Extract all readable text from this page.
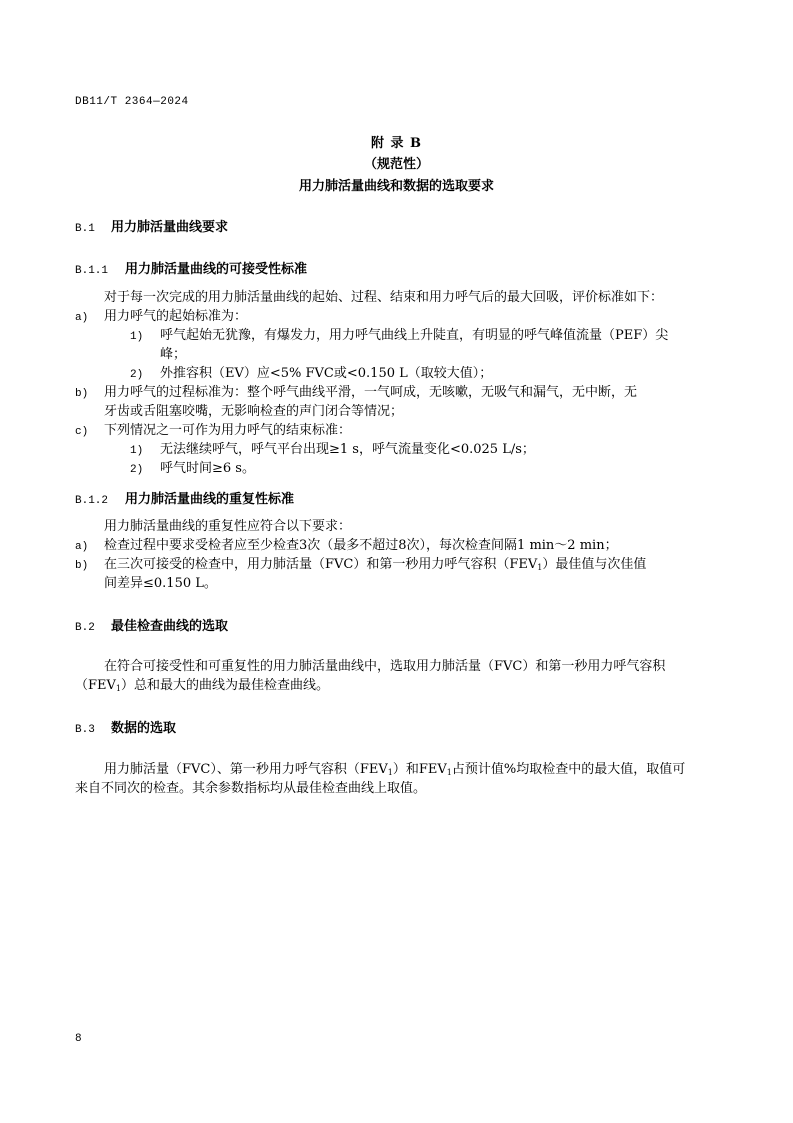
DB11/T 2364—2024
附 录 B
（规范性）
用力肺活量曲线和数据的选取要求
B.1 用力肺活量曲线要求
B.1.1 用力肺活量曲线的可接受性标准
对于每一次完成的用力肺活量曲线的起始、过程、结束和用力呼气后的最大回吸，评价标准如下：
a) 用力呼气的起始标准为：
1) 呼气起始无犹豫，有爆发力，用力呼气曲线上升陡直，有明显的呼气峰值流量（PEF）尖
峰；
2) 外推容积（EV）应<5% FVC或<0.150 L（取较大值）；
b) 用力呼气的过程标准为：整个呼气曲线平滑，一气呵成，无咳嗽，无吸气和漏气，无中断，无
牙齿或舌阻塞咬嘴，无影响检查的声门闭合等情况；
c) 下列情况之一可作为用力呼气的结束标准：
1) 无法继续呼气，呼气平台出现≥1 s，呼气流量变化<0.025 L/s；
2) 呼气时间≥6 s。
B.1.2 用力肺活量曲线的重复性标准
用力肺活量曲线的重复性应符合以下要求：
a) 检查过程中要求受检者应至少检查3次（最多不超过8次），每次检查间隔1 min～2 min；
b) 在三次可接受的检查中，用力肺活量（FVC）和第一秒用力呼气容积$(FEV_1)$最佳值与次佳值
间差异≤0.150 L。
B.2 最佳检查曲线的选取
在符合可接受性和可重复性的用力肺活量曲线中，选取用力肺活量（FVC）和第一秒用力呼气容积
$(FEV_1)$总和最大的曲线为最佳检查曲线。
B.3 数据的选取
用力肺活量（FVC）、第一秒用力呼气容积$(FEV_1)$和$FEV_1$占预计值%均取检查中的最大值，取值可
来自不同次的检查。其余参数指标均从最佳检查曲线上取值。
8
